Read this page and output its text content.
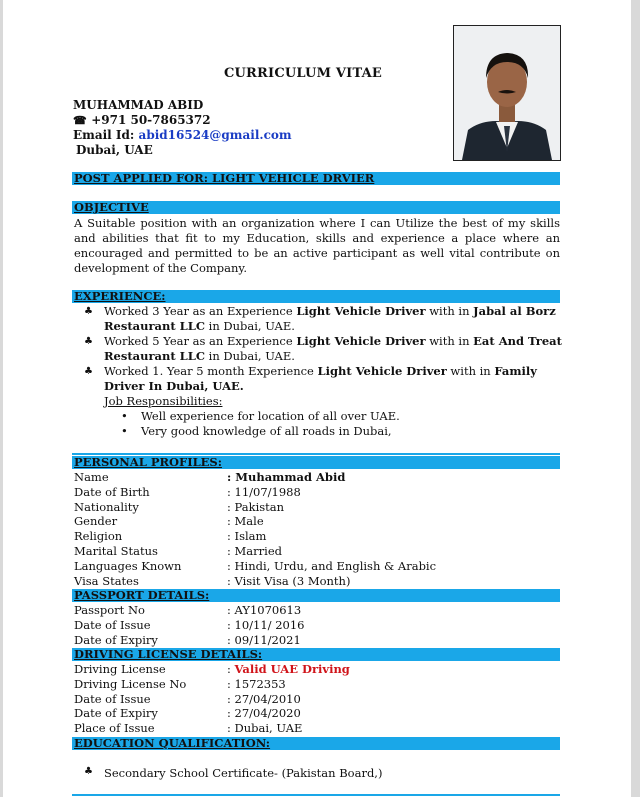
CURRICULUM VITAE
MUHAMMAD ABID
☎ +971 50-7865372
Email Id: abid16524@gmail.com
Dubai, UAE
POST APPLIED FOR: LIGHT VEHICLE DRVIER
OBJECTIVE
A Suitable position with an organization where I can Utilize the best of my skills and abilities that fit to my Education, skills and experience a place where an encouraged and permitted to be an active participant as well vital contribute on development of the Company.
EXPERIENCE:
♣ Worked 3 Year as an Experience Light Vehicle Driver with in Jabal al Borz Restaurant LLC in Dubai, UAE.
♣ Worked 5 Year as an Experience Light Vehicle Driver with in Eat And Treat Restaurant LLC in Dubai, UAE.
♣ Worked 1. Year 5 month Experience Light Vehicle Driver with in Family Driver In Dubai, UAE.
Job Responsibilities:
• Well experience for location of all over UAE.
• Very good knowledge of all roads in Dubai,
PERSONAL PROFILES:
Name	: Muhammad Abid
Date of Birth	: 11/07/1988
Nationality	: Pakistan
Gender	: Male
Religion	: Islam
Marital Status	: Married
Languages Known	: Hindi, Urdu, and English & Arabic
Visa States	: Visit Visa (3 Month)
PASSPORT DETAILS:
Passport No	: AY1070613
Date of Issue	: 10/11/ 2016
Date of Expiry	: 09/11/2021
DRIVING LICENSE DETAILS:
Driving License	: Valid UAE Driving
Driving License No	: 1572353
Date of Issue	: 27/04/2010
Date of Expiry	: 27/04/2020
Place of Issue	: Dubai, UAE
EDUCATION QUALIFICATION:
♣ Secondary School Certificate- (Pakistan Board,)
